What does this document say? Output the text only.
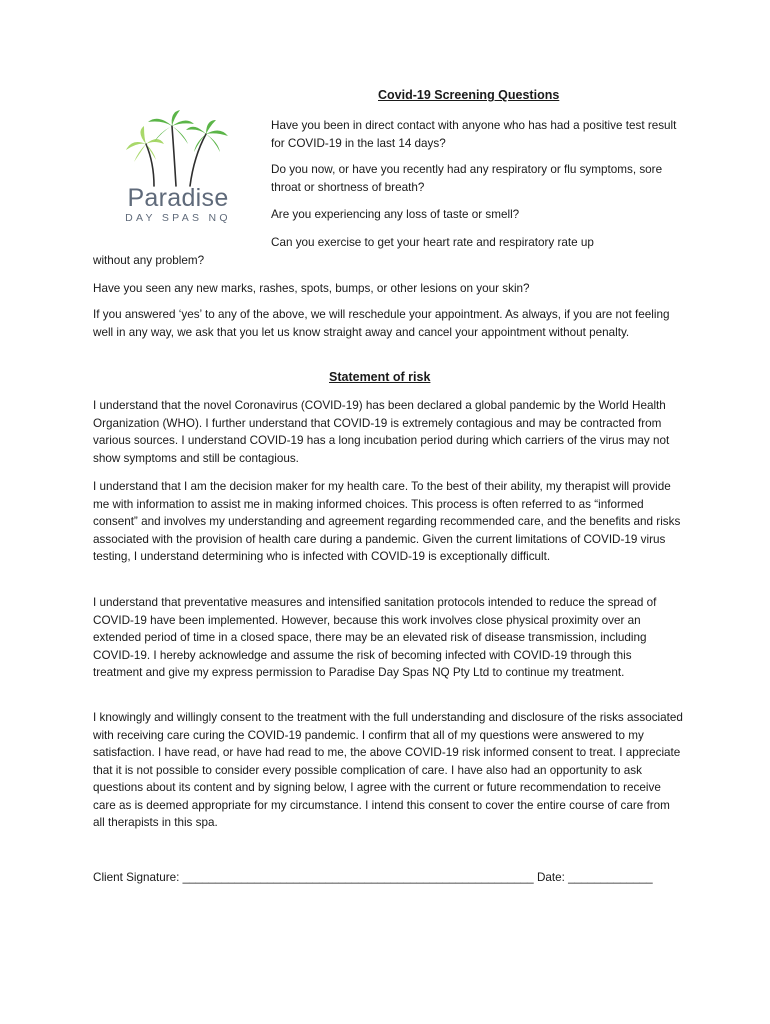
Paradise
DAY SPAS NQ
Covid-19 Screening Questions
Have you been in direct contact with anyone who has had a positive test result for COVID-19 in the last 14 days?
Do you now, or have you recently had any respiratory or flu symptoms, sore throat or shortness of breath?
Are you experiencing any loss of taste or smell?
Can you exercise to get your heart rate and respiratory rate up
without any problem?
Have you seen any new marks, rashes, spots, bumps, or other lesions on your skin?
If you answered ‘yes’ to any of the above, we will reschedule your appointment. As always, if you are not feeling well in any way, we ask that you let us know straight away and cancel your appointment without penalty.
Statement of risk
I understand that the novel Coronavirus (COVID-19) has been declared a global pandemic by the World Health Organization (WHO). I further understand that COVID-19 is extremely contagious and may be contracted from various sources. I understand COVID-19 has a long incubation period during which carriers of the virus may not show symptoms and still be contagious.
I understand that I am the decision maker for my health care. To the best of their ability, my therapist will provide me with information to assist me in making informed choices. This process is often referred to as “informed consent” and involves my understanding and agreement regarding recommended care, and the benefits and risks associated with the provision of health care during a pandemic. Given the current limitations of COVID-19 virus testing, I understand determining who is infected with COVID-19 is exceptionally difficult.
I understand that preventative measures and intensified sanitation protocols intended to reduce the spread of COVID-19 have been implemented. However, because this work involves close physical proximity over an extended period of time in a closed space, there may be an elevated risk of disease transmission, including COVID-19. I hereby acknowledge and assume the risk of becoming infected with COVID-19 through this treatment and give my express permission to Paradise Day Spas NQ Pty Ltd to continue my treatment.
I knowingly and willingly consent to the treatment with the full understanding and disclosure of the risks associated with receiving care curing the COVID-19 pandemic. I confirm that all of my questions were answered to my satisfaction. I have read, or have had read to me, the above COVID-19 risk informed consent to treat. I appreciate that it is not possible to consider every possible complication of care. I have also had an opportunity to ask questions about its content and by signing below, I agree with the current or future recommendation to receive care as is deemed appropriate for my circumstance. I intend this consent to cover the entire course of care from all therapists in this spa.
Client Signature: ______________________________________________________ Date: _____________
